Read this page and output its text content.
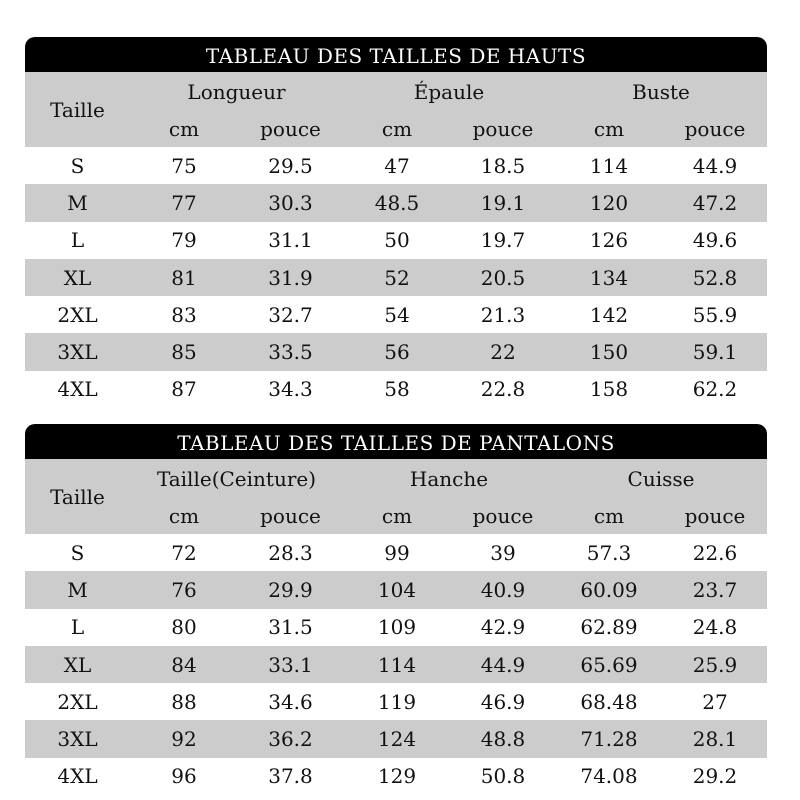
TABLEAU DES TAILLES DE HAUTS
Taille
Longueur	Épaule	Buste
cm	pouce	cm	pouce	cm	pouce
S	75	29.5	47	18.5	114	44.9
M	77	30.3	48.5	19.1	120	47.2
L	79	31.1	50	19.7	126	49.6
XL	81	31.9	52	20.5	134	52.8
2XL	83	32.7	54	21.3	142	55.9
3XL	85	33.5	56	22	150	59.1
4XL	87	34.3	58	22.8	158	62.2
TABLEAU DES TAILLES DE PANTALONS
Taille
Taille(Ceinture)	Hanche	Cuisse
cm	pouce	cm	pouce	cm	pouce
S	72	28.3	99	39	57.3	22.6
M	76	29.9	104	40.9	60.09	23.7
L	80	31.5	109	42.9	62.89	24.8
XL	84	33.1	114	44.9	65.69	25.9
2XL	88	34.6	119	46.9	68.48	27
3XL	92	36.2	124	48.8	71.28	28.1
4XL	96	37.8	129	50.8	74.08	29.2
